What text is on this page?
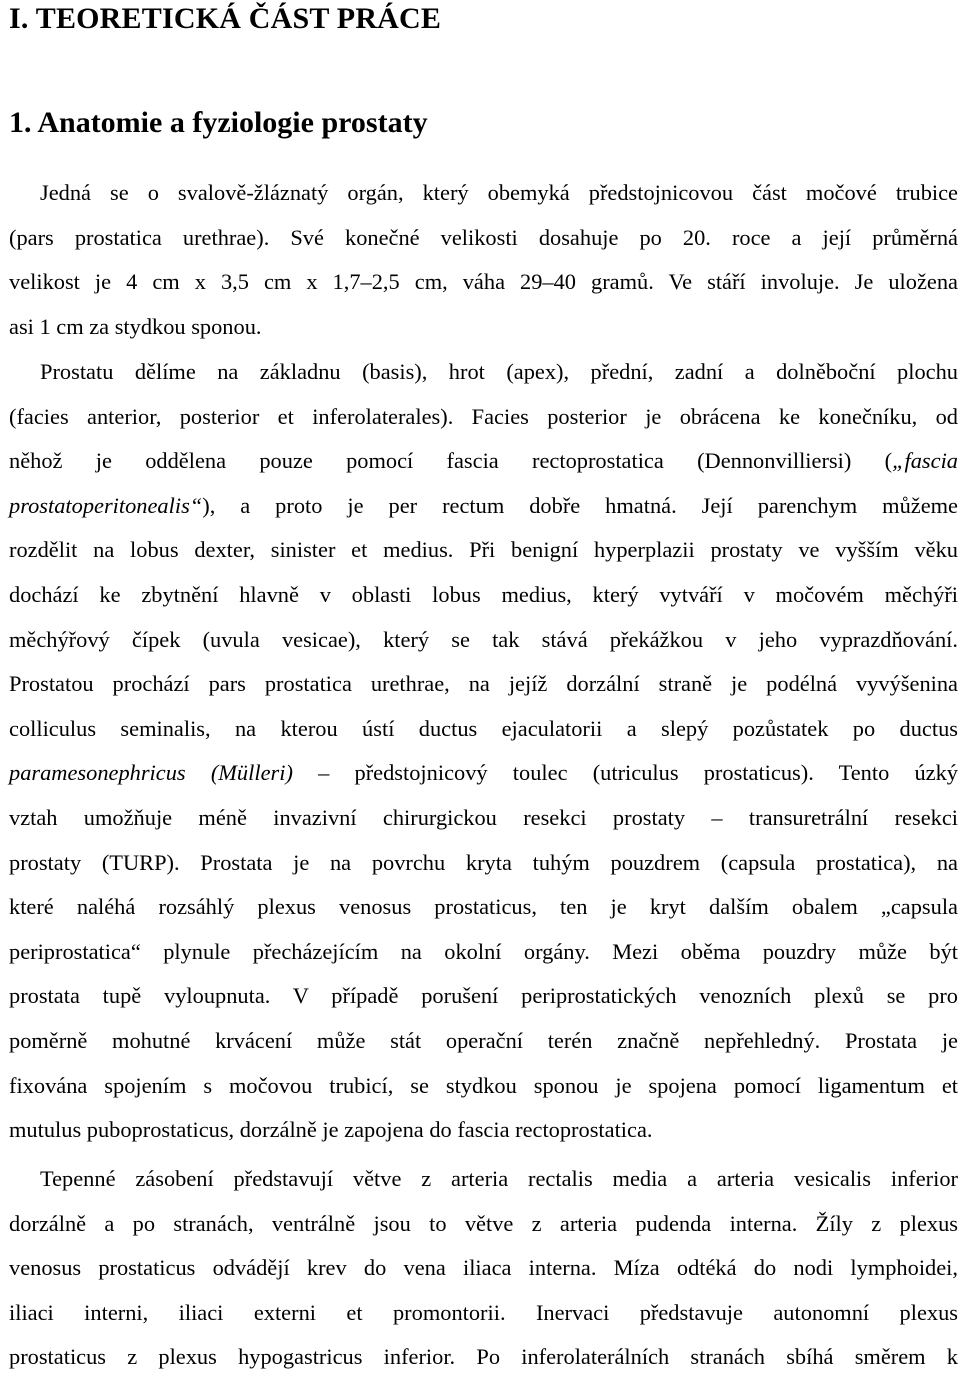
I. TEORETICKÁ ČÁST PRÁCE
1. Anatomie a fyziologie prostaty
Jedná se o svalově-žláznatý orgán, který obemyká předstojnicovou část močové trubice
(pars prostatica urethrae). Své konečné velikosti dosahuje po 20. roce a její průměrná
velikost je 4 cm x 3,5 cm x 1,7–2,5 cm, váha 29–40 gramů. Ve stáří involuje. Je uložena
asi 1 cm za stydkou sponou.
Prostatu dělíme na základnu (basis), hrot (apex), přední, zadní a dolněboční plochu
(facies anterior, posterior et inferolaterales). Facies posterior je obrácena ke konečníku, od
něhož je oddělena pouze pomocí fascia rectoprostatica (Dennonvilliersi) („fascia
prostatoperitonealis“), a proto je per rectum dobře hmatná. Její parenchym můžeme
rozdělit na lobus dexter, sinister et medius. Při benigní hyperplazii prostaty ve vyšším věku
dochází ke zbytnění hlavně v oblasti lobus medius, který vytváří v močovém měchýři
měchýřový čípek (uvula vesicae), který se tak stává překážkou v jeho vyprazdňování.
Prostatou prochází pars prostatica urethrae, na jejíž dorzální straně je podélná vyvýšenina
colliculus seminalis, na kterou ústí ductus ejaculatorii a slepý pozůstatek po ductus
paramesonephricus (Mülleri) – předstojnicový toulec (utriculus prostaticus). Tento úzký
vztah umožňuje méně invazivní chirurgickou resekci prostaty – transuretrální resekci
prostaty (TURP). Prostata je na povrchu kryta tuhým pouzdrem (capsula prostatica), na
které naléhá rozsáhlý plexus venosus prostaticus, ten je kryt dalším obalem „capsula
periprostatica“ plynule přecházejícím na okolní orgány. Mezi oběma pouzdry může být
prostata tupě vyloupnuta. V případě porušení periprostatických venozních plexů se pro
poměrně mohutné krvácení může stát operační terén značně nepřehledný. Prostata je
fixována spojením s močovou trubicí, se stydkou sponou je spojena pomocí ligamentum et
mutulus puboprostaticus, dorzálně je zapojena do fascia rectoprostatica.
Tepenné zásobení představují větve z arteria rectalis media a arteria vesicalis inferior
dorzálně a po stranách, ventrálně jsou to větve z arteria pudenda interna. Žíly z plexus
venosus prostaticus odvádějí krev do vena iliaca interna. Míza odtéká do nodi lymphoidei,
iliaci interni, iliaci externi et promontorii. Inervaci představuje autonomní plexus
prostaticus z plexus hypogastricus inferior. Po inferolaterálních stranách sbíhá směrem k
